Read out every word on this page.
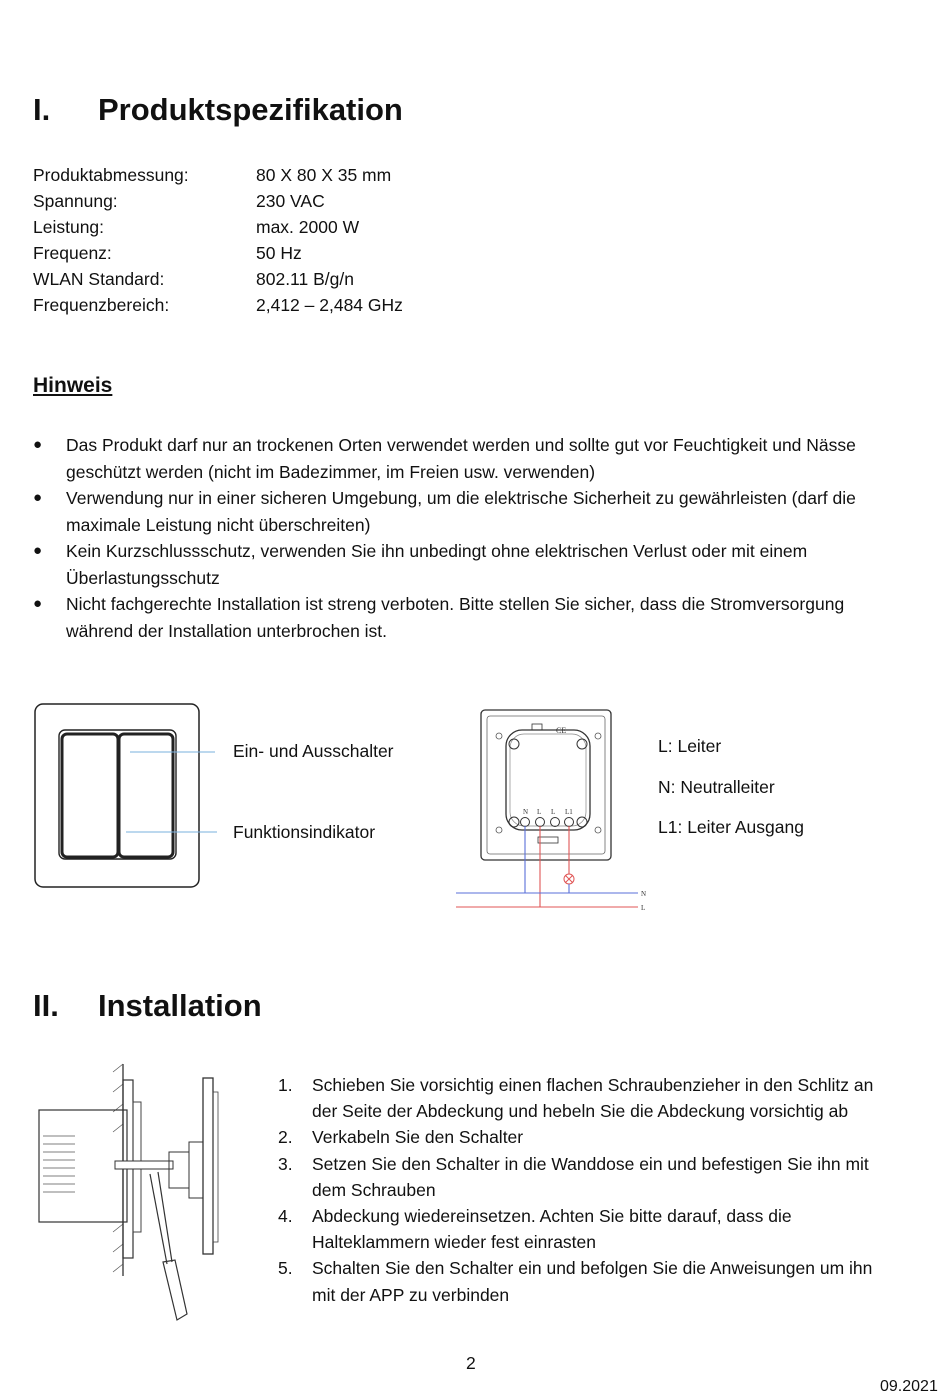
I. Produktspezifikation
Produktabmessung:	80 X 80 X 35 mm
Spannung:	230 VAC
Leistung:	max. 2000 W
Frequenz:	50 Hz
WLAN Standard:	802.11 B/g/n
Frequenzbereich:	2,412 – 2,484 GHz
Hinweis
● Das Produkt darf nur an trockenen Orten verwendet werden und sollte gut vor Feuchtigkeit und Nässe geschützt werden (nicht im Badezimmer, im Freien usw. verwenden)
● Verwendung nur in einer sicheren Umgebung, um die elektrische Sicherheit zu gewährleisten (darf die maximale Leistung nicht überschreiten)
● Kein Kurzschlussschutz, verwenden Sie ihn unbedingt ohne elektrischen Verlust oder mit einem Überlastungsschutz
● Nicht fachgerechte Installation ist streng verboten. Bitte stellen Sie sicher, dass die Stromversorgung während der Installation unterbrochen ist.
Ein- und Ausschalter
Funktionsindikator
CE
N L L L1
N
L
L: Leiter
N: Neutralleiter
L1: Leiter Ausgang
II. Installation
1. Schieben Sie vorsichtig einen flachen Schraubenzieher in den Schlitz an der Seite der Abdeckung und hebeln Sie die Abdeckung vorsichtig ab
2. Verkabeln Sie den Schalter
3. Setzen Sie den Schalter in die Wanddose ein und befestigen Sie ihn mit dem Schrauben
4. Abdeckung wiedereinsetzen. Achten Sie bitte darauf, dass die Halteklammern wieder fest einrasten
5. Schalten Sie den Schalter ein und befolgen Sie die Anweisungen um ihn mit der APP zu verbinden
2
09.2021
